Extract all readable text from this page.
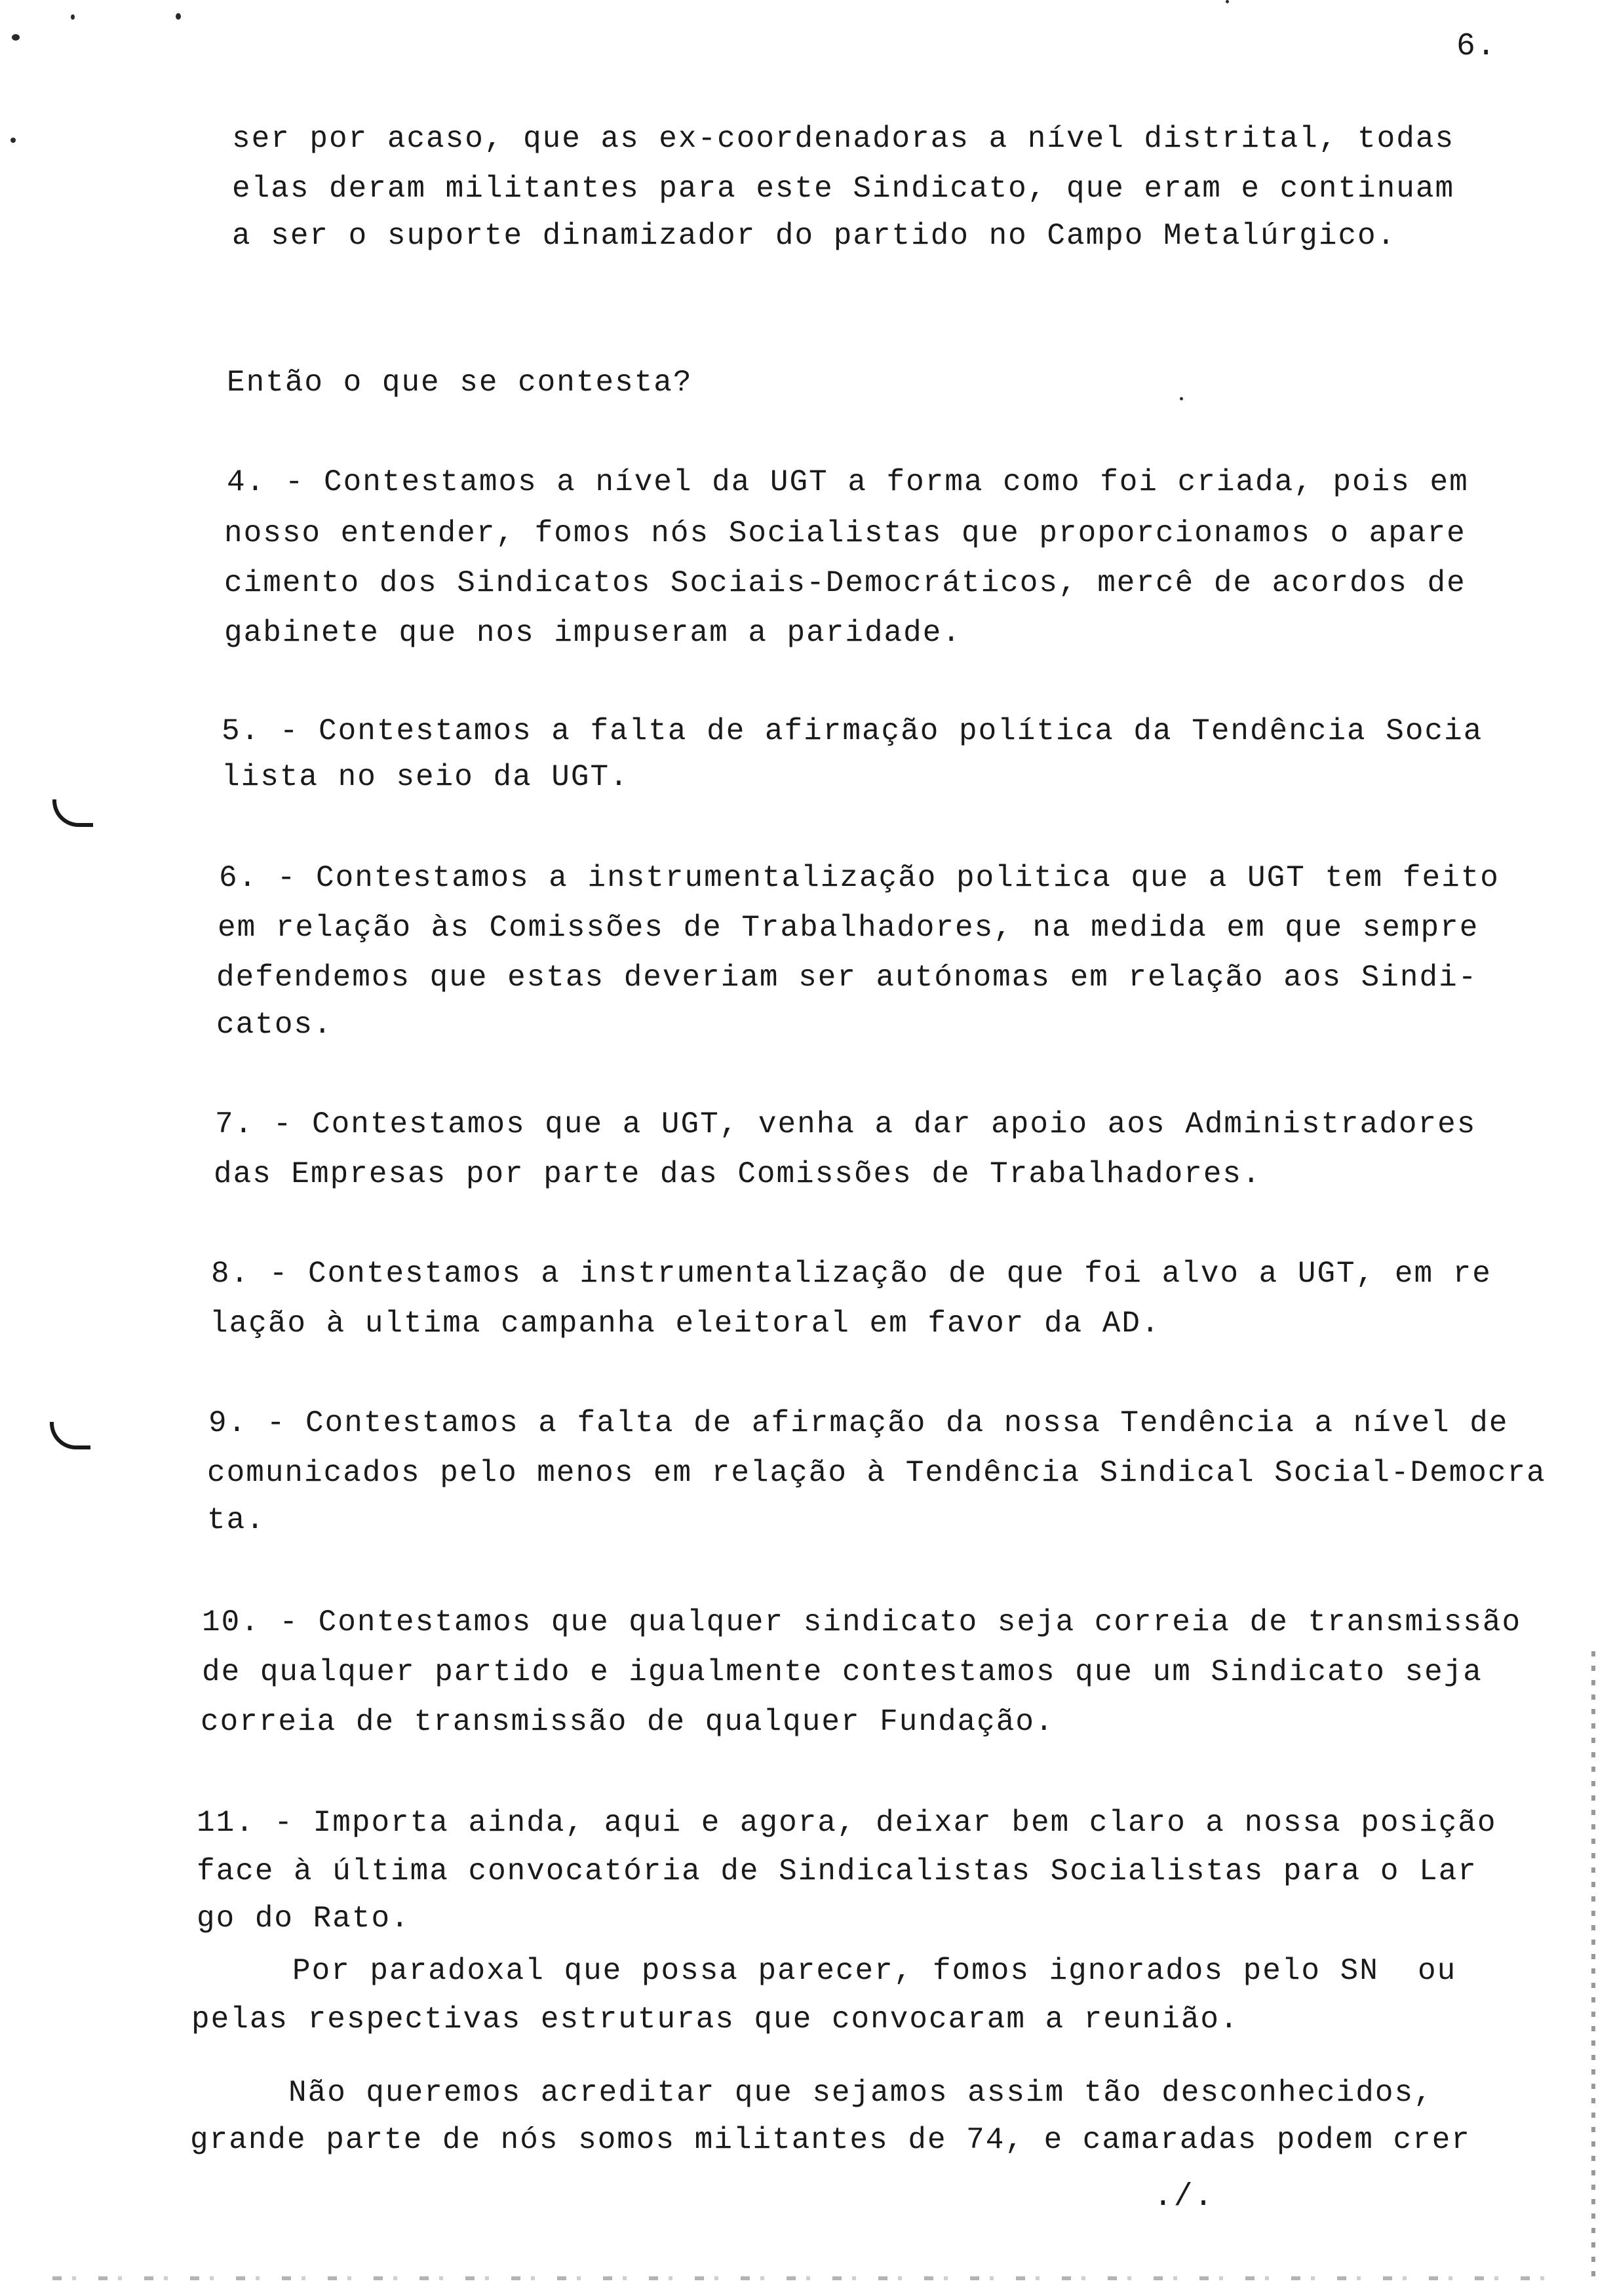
6.
ser por acaso, que as ex-coordenadoras a nível distrital, todas
elas deram militantes para este Sindicato, que eram e continuam
a ser o suporte dinamizador do partido no Campo Metalúrgico.
Então o que se contesta?
4. - Contestamos a nível da UGT a forma como foi criada, pois em
nosso entender, fomos nós Socialistas que proporcionamos o apare
cimento dos Sindicatos Sociais-Democráticos, mercê de acordos de
gabinete que nos impuseram a paridade.
5. - Contestamos a falta de afirmação política da Tendência Socia
lista no seio da UGT.
6. - Contestamos a instrumentalização politica que a UGT tem feito
em relação às Comissões de Trabalhadores, na medida em que sempre
defendemos que estas deveriam ser autónomas em relação aos Sindi-
catos.
7. - Contestamos que a UGT, venha a dar apoio aos Administradores
das Empresas por parte das Comissões de Trabalhadores.
8. - Contestamos a instrumentalização de que foi alvo a UGT, em re
lação à ultima campanha eleitoral em favor da AD.
9. - Contestamos a falta de afirmação da nossa Tendência a nível de
comunicados pelo menos em relação à Tendência Sindical Social-Democra
ta.
10. - Contestamos que qualquer sindicato seja correia de transmissão
de qualquer partido e igualmente contestamos que um Sindicato seja
correia de transmissão de qualquer Fundação.
11. - Importa ainda, aqui e agora, deixar bem claro a nossa posição
face à última convocatória de Sindicalistas Socialistas para o Lar
go do Rato.
Por paradoxal que possa parecer, fomos ignorados pelo SN  ou
pelas respectivas estruturas que convocaram a reunião.
Não queremos acreditar que sejamos assim tão desconhecidos,
grande parte de nós somos militantes de 74, e camaradas podem crer
./.
